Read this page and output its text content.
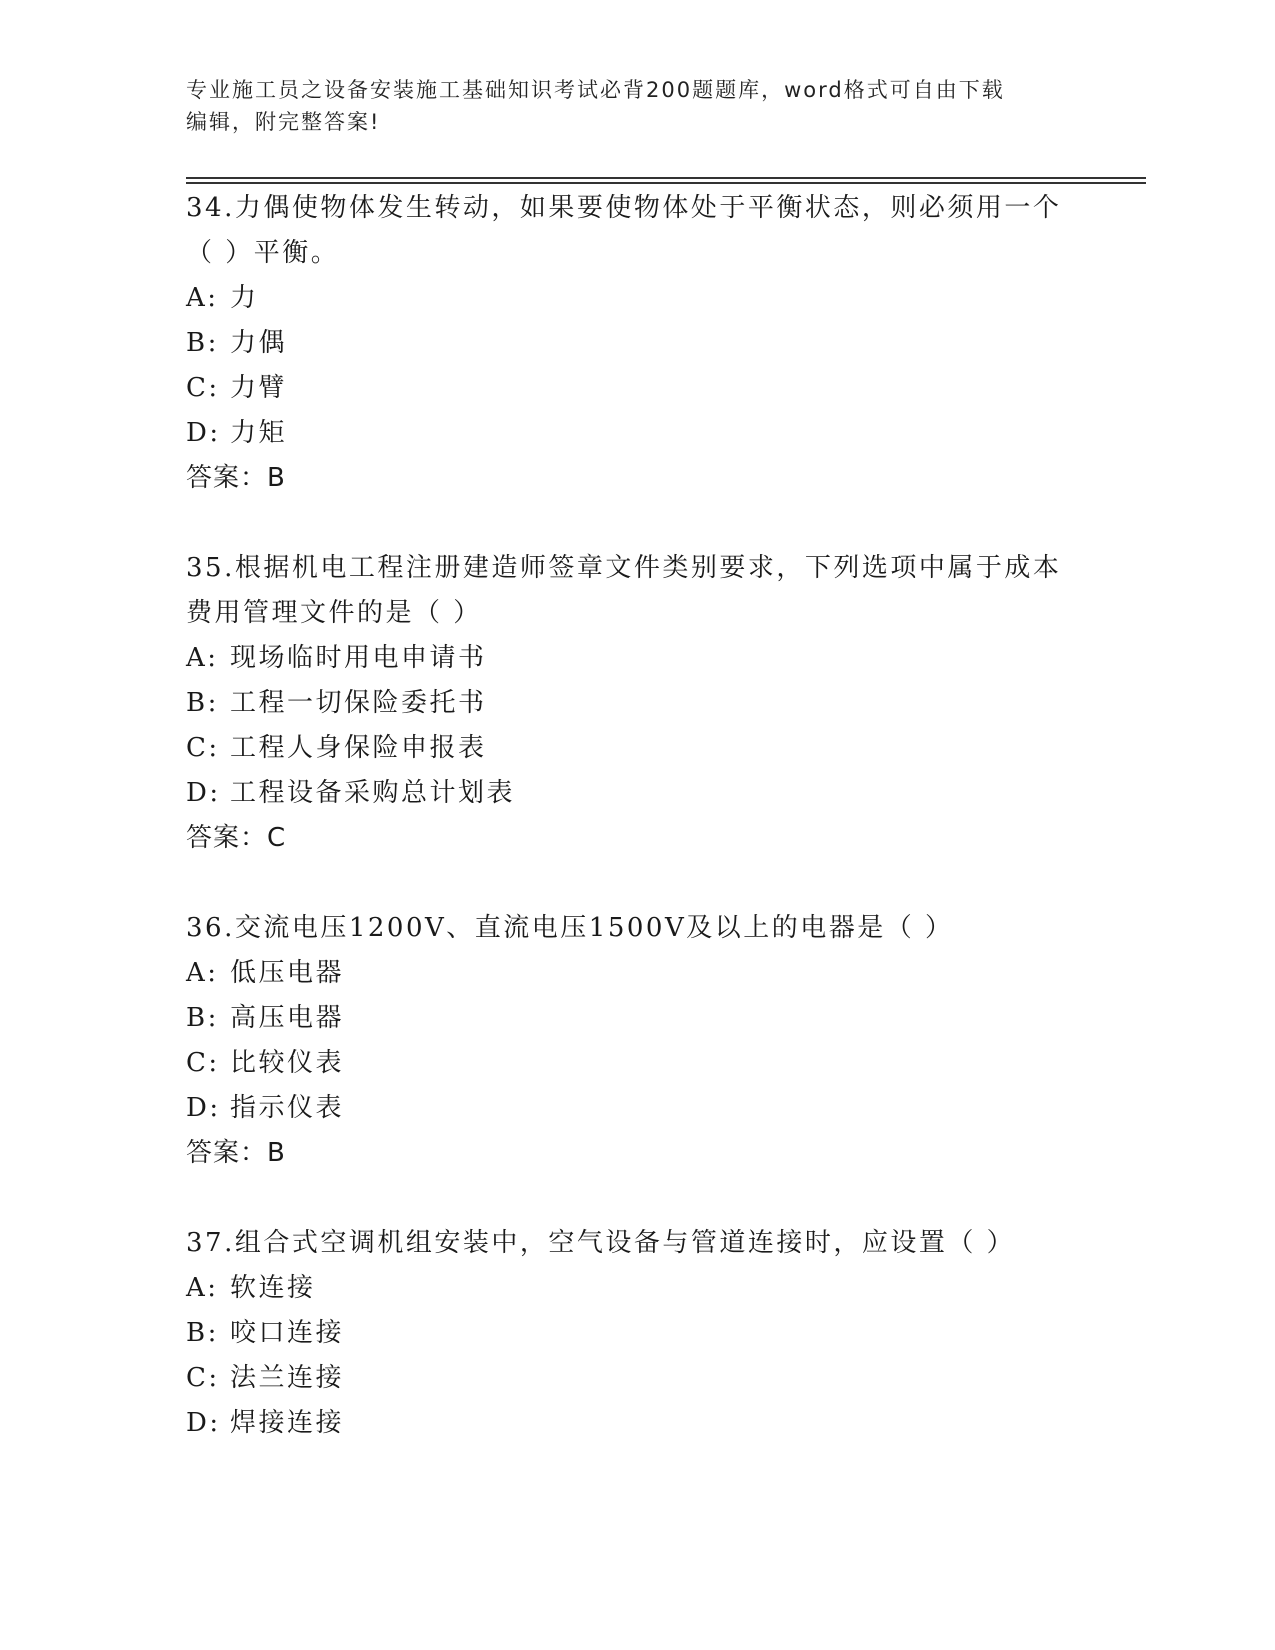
专业施工员之设备安装施工基础知识考试必背200题题库，word格式可自由下载
编辑，附完整答案!

34.力偶使物体发生转动，如果要使物体处于平衡状态，则必须用一个

（ ）平衡。

A: 力

B: 力偶

C: 力臂

D: 力矩

答案：B

35.根据机电工程注册建造师签章文件类别要求，下列选项中属于成本

费用管理文件的是（ ）

A: 现场临时用电申请书

B: 工程一切保险委托书

C: 工程人身保险申报表

D: 工程设备采购总计划表

答案：C

36.交流电压1200V、直流电压1500V及以上的电器是（ ）

A: 低压电器

B: 高压电器

C: 比较仪表

D: 指示仪表

答案：B

37.组合式空调机组安装中，空气设备与管道连接时，应设置（ ）

A: 软连接

B: 咬口连接

C: 法兰连接

D: 焊接连接
